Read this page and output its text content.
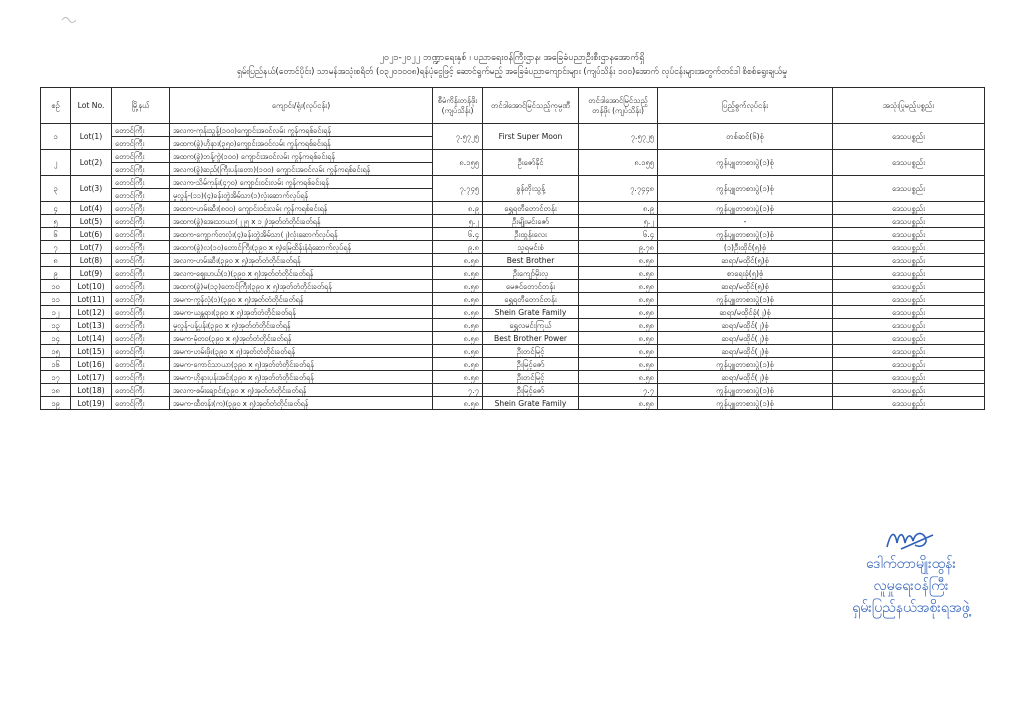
၂၀၂၁-၂၀၂၂ ဘဏ္ဍာရေးနှစ် ၊ ပညာရေးဝန်ကြီးဌာန၊ အခြေခံပညာဦးစီးဌာနအောက်ရှိ
ရှမ်းပြည်နယ်(တောင်ပိုင်း) သာမန်အသုံးစရိတ် (၀၃၂၀၁၀၀၈)ရန်ပုံငွေဖြင့် ဆောင်ရွက်မည့် အခြေခံပညာကျောင်းများ (ကျပ်သိန်း ၁၀၀)အောက် လုပ်ငန်းများအတွက်တင်ဒါ စိစစ်ရွေးချယ်မှု
စဉ်	Lot No.	မြို့နယ်	ကျောင်း/ရုံး(လုပ်ငန်း)	စီမံကိန်းတန်ဖိုး (ကျပ်သိန်း)	တင်ဒါအောင်မြင်သည့်ကုမ္ပဏီ	တင်ဒါအောင်မြင်သည့်တန်ဖိုး (ကျပ်သိန်း)	ပြည့်စွက်လုပ်ငန်း	အသုံးပြုမည့်ပစ္စည်း
၁	Lot(1)	တောင်ကြီး	အလက-ကုန်းသွန့်(၁၀၀)ကျောင်းအဝင်လမ်း ကွန်ကရစ်ခင်းရန်	၇.၅၇၂၅	First Super Moon	၇.၅၇၂၅	တစ်ဆင်(၆)စုံ	ဒေသပစ္စည်း
		တောင်ကြီး	အထက(ခွဲ)ဟိုနား(၃၅၀)ကျောင်းအဝင်လမ်း ကွန်ကရစ်ခင်းရန်					
၂	Lot(2)	တောင်ကြီး	အထက(ခွဲ)ဘန့်ကွဲ(၁၀၀) ကျောင်းအဝင်လမ်း ကွန်ကရစ်ခင်းရန်	၈.၁၅၅	ဦးဇော်နိုင်	၈.၁၅၅	ကွန်ပျူတာစားပွဲ(၁)စုံ	ဒေသပစ္စည်း
		တောင်ကြီး	အလက(ခွဲ)ဆည်(ကြီးပန်းတော)(၁၀၀) ကျောင်းအဝင်လမ်း ကွန်ကရစ်ခင်းရန်					
၃	Lot(3)	တောင်ကြီး	အလက-သိမ်ကုန်း(၄၇၀) ကျောင်းဝင်းလမ်း ကွန်ကရစ်ခင်းရန်	၇.၇၄၅	ခွန်တိုးသွန့်	၇.၇၄၄၈	ကွန်ပျူတာစားပွဲ(၁)စုံ	ဒေသပစ္စည်း
		တောင်ကြီး	မူလွန်-(၁၁)(၄)ခန်းတွဲအိမ်သာ(၁)လုံးဆောက်လုပ်ရန်					
၄	Lot(4)	တောင်ကြီး	အထက-ဟမ်းဆီး(၈၀၀) ကျောင်းဝင်းလမ်း ကွန်ကရစ်ခင်းရန်	၈.၉	ရွှေရတီတောင်တန်း	၈.၉	ကွန်ပျူတာစားပွဲ(၁)စုံ	ဒေသပစ္စည်း
၅	Lot(5)	တောင်ကြီး	အထက(ခွဲ)အေးသာယာ(၂၂၅ x ၁၂)အုတ်တံတိုင်းခတ်ရန်	၅.၂	ဦးမျိုးမင်းဇော်	၅.၂	-	ဒေသပစ္စည်း
၆	Lot(6)	တောင်ကြီး	အထက-ကျောက်တလုံး(၄)ခန်းတွဲအိမ်သာ(၂)လုံးဆောက်လုပ်ရန်	၆.၄	ဦးထွန်းလေး	၆.၄	ကွန်ပျူတာစားပွဲ(၁)စုံ	ဒေသပစ္စည်း
၇	Lot(7)	တောင်ကြီး	အထက(ခွဲ)လ(၁၀)တောင်ကြီး(၃၉၀ x ၅)မြေထိန်းနံရံဆောက်လုပ်ရန်	၉.၈	သူရမင်းစံ	၉.၇၈	(၁)ဦးထိုင်(၅)စုံ	ဒေသပစ္စည်း
၈	Lot(8)	တောင်ကြီး	အလက-ဟမ်းဆီး(၃၉၀ x ၅)အုတ်တံတိုင်းခတ်ရန်	၈.၅၈	Best Brother	၈.၅၈	ဆရာ/မထိုင်(၅)စုံ	ဒေသပစ္စည်း
၉	Lot(9)	တောင်ကြီး	အလက-ဈေးဟယ်(၁)(၃၉၀ x ၅)အုတ်တံတိုင်းခတ်ရန်	၈.၅၈	ဦးကျော်မိုးလှ	၈.၅၈	စာရေးခုံ(၅)စုံ	ဒေသပစ္စည်း
၁၀	Lot(10)	တောင်ကြီး	အထက(ခွဲ)မ(၁၃)တောင်ကြီး(၃၉၀ x ၅)အုတ်တံတိုင်းခတ်ရန်	၈.၅၈	မေဇင်တောင်တန်း	၈.၅၈	ဆရာ/မထိုင်(၅)စုံ	ဒေသပစ္စည်း
၁၁	Lot(11)	တောင်ကြီး	အမက-ကွန်လုံ(၁)(၃၉၀ x ၅)အုတ်တံတိုင်းခတ်ရန်	၈.၅၈	ရွှေရတီတောင်တန်း	၈.၅၈	ကွန်ပျူတာစားပွဲ(၁)စုံ	ဒေသပစ္စည်း
၁၂	Lot(12)	တောင်ကြီး	အမက-ယန္တရား(၃၉၀ x ၅)အုတ်တံတိုင်းခတ်ရန်	၈.၅၈	Shein Grate Family	၈.၅၈	ဆရာ/မထိုင်ခုံ(၂)စုံ	ဒေသပစ္စည်း
၁၃	Lot(13)	တောင်ကြီး	မူလွန်-ပန့်ပုန်း(၃၉၀ x ၅)အုတ်တံတိုင်းခတ်ရန်	၈.၅၈	ရွှေလမင်းကြယ်	၈.၅၈	ဆရာ/မထိုင်(၂)စုံ	ဒေသပစ္စည်း
၁၄	Lot(14)	တောင်ကြီး	အမက-မုံတဝ(၃၉၀ x ၅)အုတ်တံတိုင်းခတ်ရန်	၈.၅၈	Best Brother Power	၈.၅၈	ဆရာ/မထိုင်(၂)စုံ	ဒေသပစ္စည်း
၁၅	Lot(15)	တောင်ကြီး	အမက-ဟမ်းဖိုး(၃၉၀ x ၅)အုတ်တံတိုင်းခတ်ရန်	၈.၅၈	ဦးတင်မြင့်	၈.၅၈	ဆရာ/မထိုင်(၂)စုံ	ဒေသပစ္စည်း
၁၆	Lot(16)	တောင်ကြီး	အမက-ကောင်သာယာ(၃၉၀ x ၅)အုတ်တံတိုင်းခတ်ရန်	၈.၅၈	ဦးမြင့်ဇော်	၈.၅၈	ကွန်ပျူတာစားပွဲ(၁)စုံ	ဒေသပစ္စည်း
၁၇	Lot(17)	တောင်ကြီး	အမက-ဟိုနားပုန်းအင်း(၃၉၀ x ၅)အုတ်တံတိုင်းခတ်ရန်	၈.၅၈	ဦးတင်မြင့်	၈.၅၈	ဆရာ/မထိုင်(၂)စုံ	ဒေသပစ္စည်း
၁၈	Lot(18)	တောင်ကြီး	အလက-စမ်းချောင်း(၃၉၀ x ၅)အုတ်တံတိုင်းခတ်ရန်	၇.၇	ဦးမြင့်ဇော်	၇.၇	ကွန်ပျူတာစားပွဲ(၁)စုံ	ဒေသပစ္စည်း
၁၉	Lot(19)	တောင်ကြီး	အမက-ထီတန်း(က)(၃၉၀ x ၅)အုတ်တံတိုင်းခတ်ရန်	၈.၅၈	Shein Grate Family	၈.၅၈	ကွန်ပျူတာစားပွဲ(၁)စုံ	ဒေသပစ္စည်း
ဒေါက်တာမျိုးထွန်း
လူမှုရေးဝန်ကြီး
ရှမ်းပြည်နယ်အစိုးရအဖွဲ့
